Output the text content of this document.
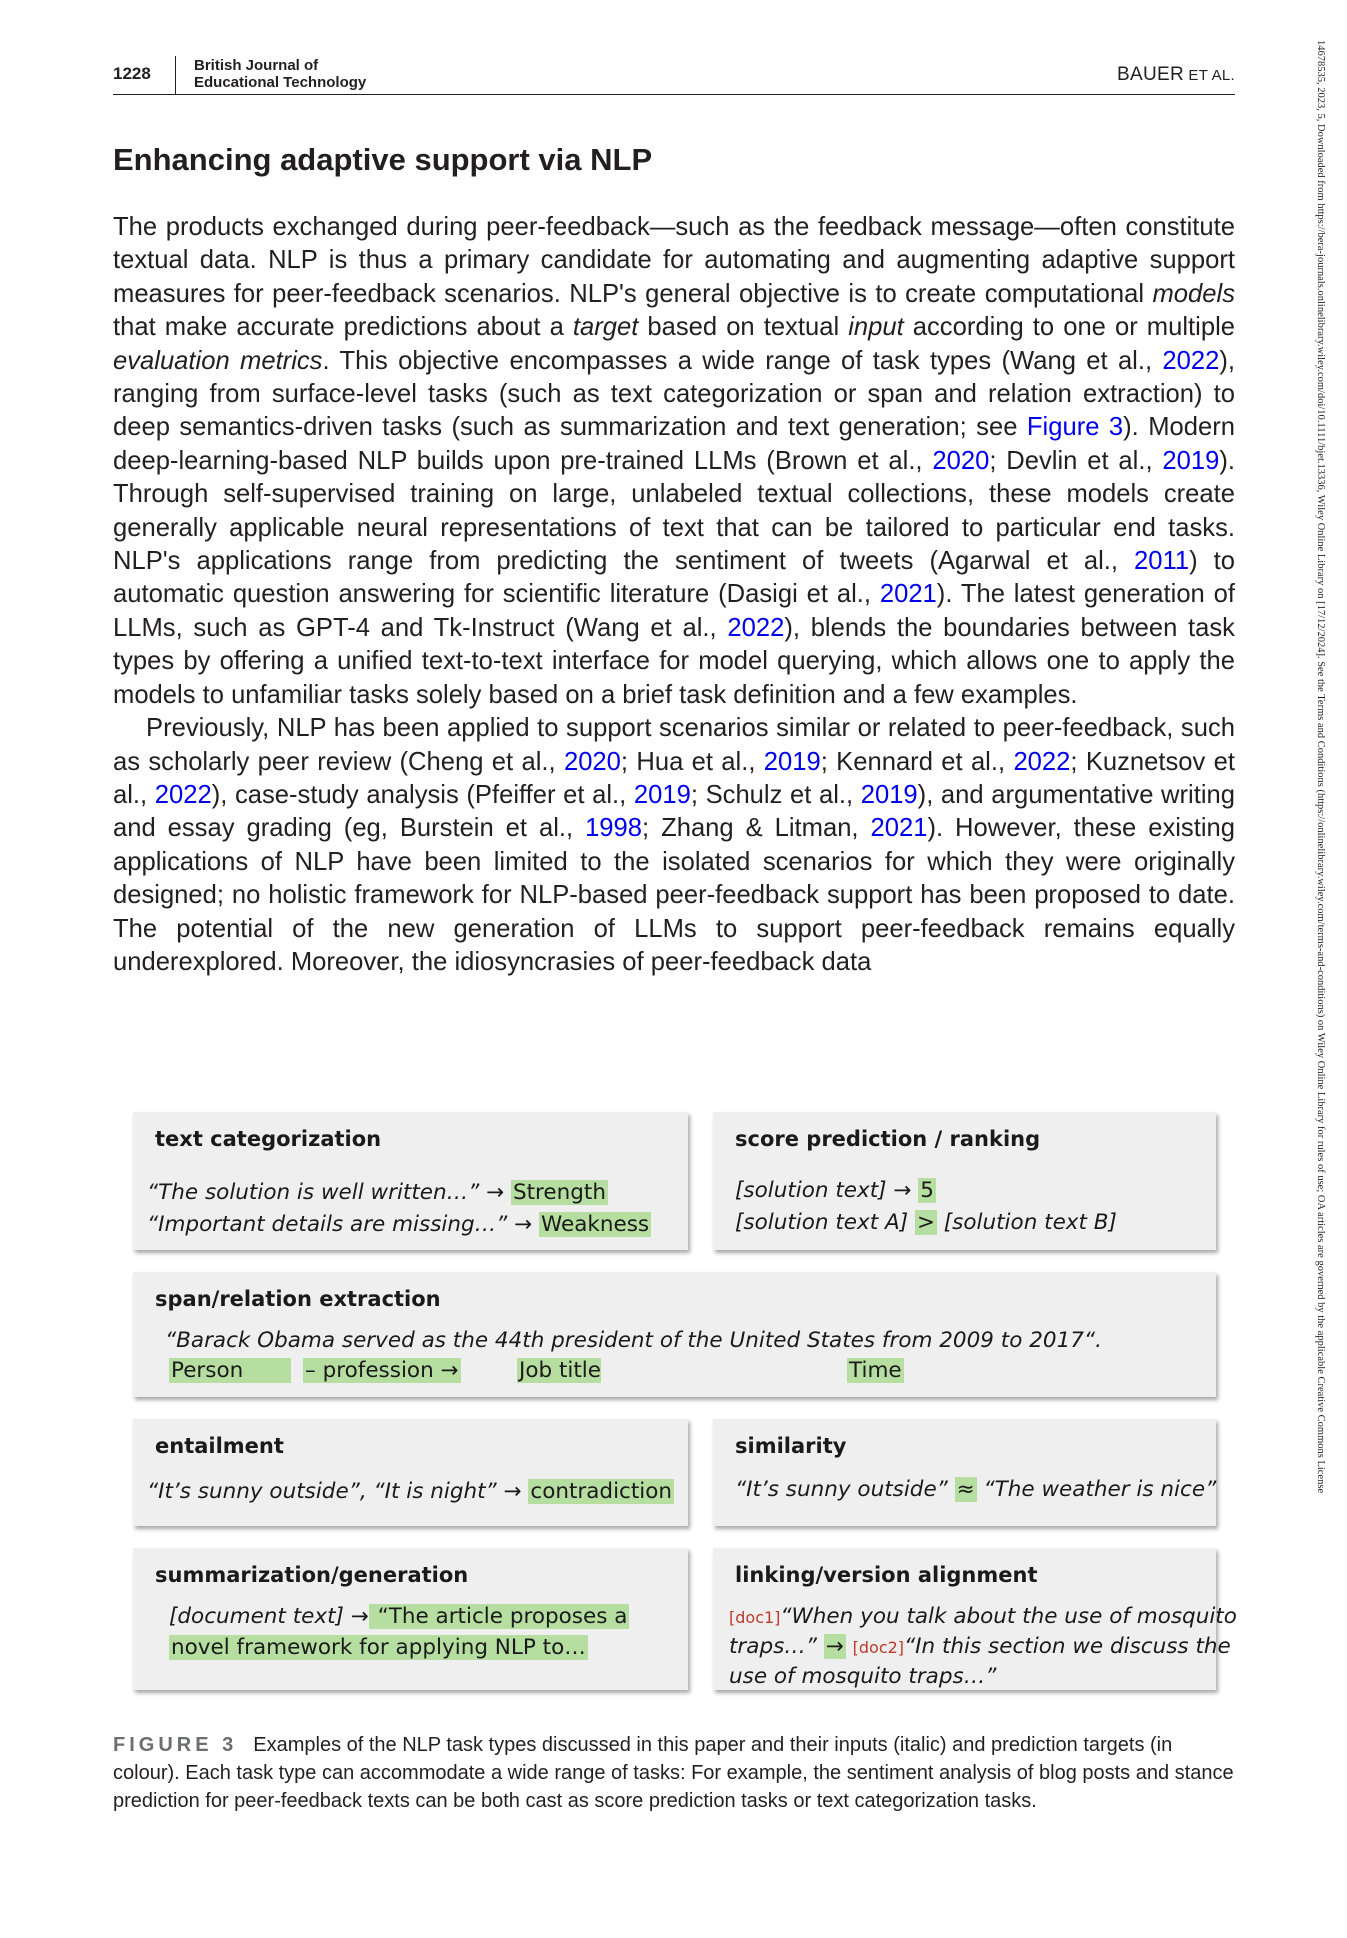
1228	British Journal of
Educational Technology	BAUER ET AL.	14678535, 2023, 5, Downloaded from https://bera-journals.onlinelibrary.wiley.com/doi/10.1111/bjet.13336, Wiley Online Library on [17/12/2024]. See the Terms and Conditions (https://onlinelibrary.wiley.com/terms-and-conditions) on Wiley Online Library for rules of use; OA articles are governed by the applicable Creative Commons License
Enhancing adaptive support via NLP

The products exchanged during peer-feedback—such as the feedback message—often constitute textual data. NLP is thus a primary candidate for automating and augmenting adaptive support measures for peer-feedback scenarios. NLP's general objective is to create computational models that make accurate predictions about a target based on textual input according to one or multiple evaluation metrics. This objective encompasses a wide range of task types (Wang et al., 2022), ranging from surface-level tasks (such as text categorization or span and relation extraction) to deep semantics-driven tasks (such as summarization and text generation; see Figure 3). Modern deep-learning-based NLP builds upon pre-trained LLMs (Brown et al., 2020; Devlin et al., 2019). Through self-supervised training on large, unlabeled textual collections, these models create generally applicable neural representations of text that can be tailored to particular end tasks. NLP's applications range from predicting the sentiment of tweets (Agarwal et al., 2011) to automatic question answering for scientific literature (Dasigi et al., 2021). The latest generation of LLMs, such as GPT-4 and Tk-Instruct (Wang et al., 2022), blends the boundaries between task types by offering a unified text-to-text interface for model querying, which allows one to apply the models to unfamiliar tasks solely based on a brief task definition and a few examples.

Previously, NLP has been applied to support scenarios similar or related to peer-feedback, such as scholarly peer review (Cheng et al., 2020; Hua et al., 2019; Kennard et al., 2022; Kuznetsov et al., 2022), case-study analysis (Pfeiffer et al., 2019; Schulz et al., 2019), and argumentative writing and essay grading (eg, Burstein et al., 1998; Zhang & Litman, 2021). However, these existing applications of NLP have been limited to the isolated scenarios for which they were originally designed; no holistic framework for NLP-based peer-feedback support has been proposed to date. The potential of the new generation of LLMs to support peer-feedback remains equally underexplored. Moreover, the idiosyncrasies of peer-feedback data

text categorization
“The solution is well written…” → Strength
“Important details are missing…” → Weakness
score prediction / ranking
[solution text] → 5
[solution text A] > [solution text B]
span/relation extraction
“Barack Obama served as the 44th president of the United States from 2009 to 2017“.
Person	– profession →	Job title	Time
entailment
“It’s sunny outside”, “It is night” → contradiction
similarity
“It’s sunny outside” ≈ “The weather is nice”
summarization/generation
[document text] → “The article proposes a
novel framework for applying NLP to…
linking/version alignment
[doc1]“When you talk about the use of mosquito
traps…” → [doc2]“In this section we discuss the
use of mosquito traps…”

FIGURE 3 Examples of the NLP task types discussed in this paper and their inputs (italic) and prediction targets (in colour). Each task type can accommodate a wide range of tasks: For example, the sentiment analysis of blog posts and stance prediction for peer-feedback texts can be both cast as score prediction tasks or text categorization tasks.
